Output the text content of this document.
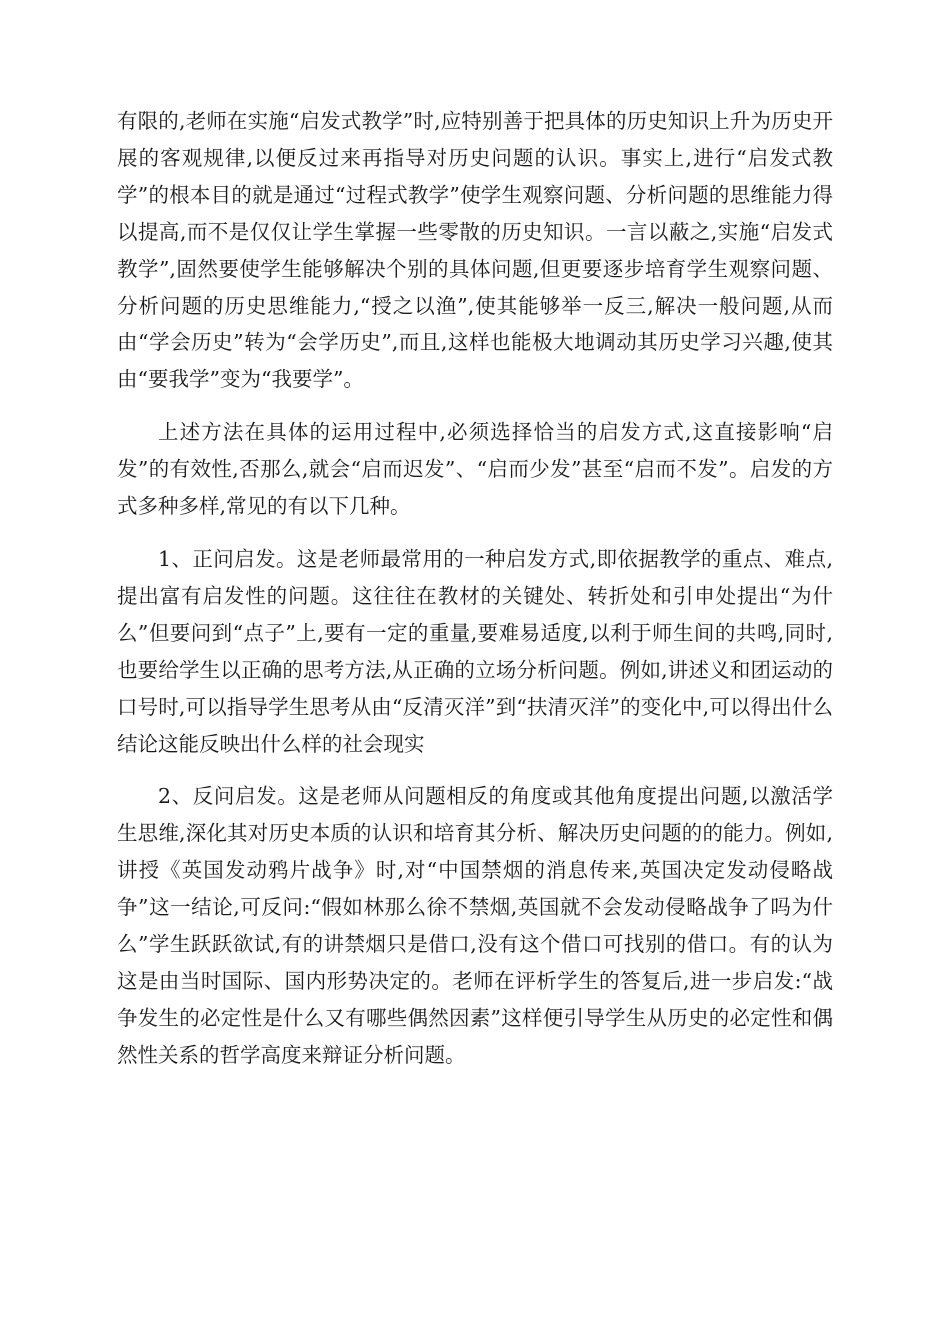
有限的,老师在实施“启发式教学”时,应特别善于把具体的历史知识上升为历史开展的客观规律,以便反过来再指导对历史问题的认识。事实上,进行“启发式教学”的根本目的就是通过“过程式教学”使学生观察问题、分析问题的思维能力得以提高,而不是仅仅让学生掌握一些零散的历史知识。一言以蔽之,实施“启发式教学”,固然要使学生能够解决个别的具体问题,但更要逐步培育学生观察问题、分析问题的历史思维能力,“授之以渔”,使其能够举一反三,解决一般问题,从而由“学会历史”转为“会学历史”,而且,这样也能极大地调动其历史学习兴趣,使其由“要我学”变为“我要学”。

上述方法在具体的运用过程中,必须选择恰当的启发方式,这直接影响“启发”的有效性,否那么,就会“启而迟发”、“启而少发”甚至“启而不发”。启发的方式多种多样,常见的有以下几种。

1、正问启发。这是老师最常用的一种启发方式,即依据教学的重点、难点,提出富有启发性的问题。这往往在教材的关键处、转折处和引申处提出“为什么”但要问到“点子”上,要有一定的重量,要难易适度,以利于师生间的共鸣,同时,也要给学生以正确的思考方法,从正确的立场分析问题。例如,讲述义和团运动的口号时,可以指导学生思考从由“反清灭洋”到“扶清灭洋”的变化中,可以得出什么结论这能反映出什么样的社会现实

2、反问启发。这是老师从问题相反的角度或其他角度提出问题,以激活学生思维,深化其对历史本质的认识和培育其分析、解决历史问题的的能力。例如,讲授《英国发动鸦片战争》时,对“中国禁烟的消息传来,英国决定发动侵略战争”这一结论,可反问:“假如林那么徐不禁烟,英国就不会发动侵略战争了吗为什么”学生跃跃欲试,有的讲禁烟只是借口,没有这个借口可找别的借口。有的认为这是由当时国际、国内形势决定的。老师在评析学生的答复后,进一步启发:“战争发生的必定性是什么又有哪些偶然因素”这样便引导学生从历史的必定性和偶然性关系的哲学高度来辩证分析问题。
